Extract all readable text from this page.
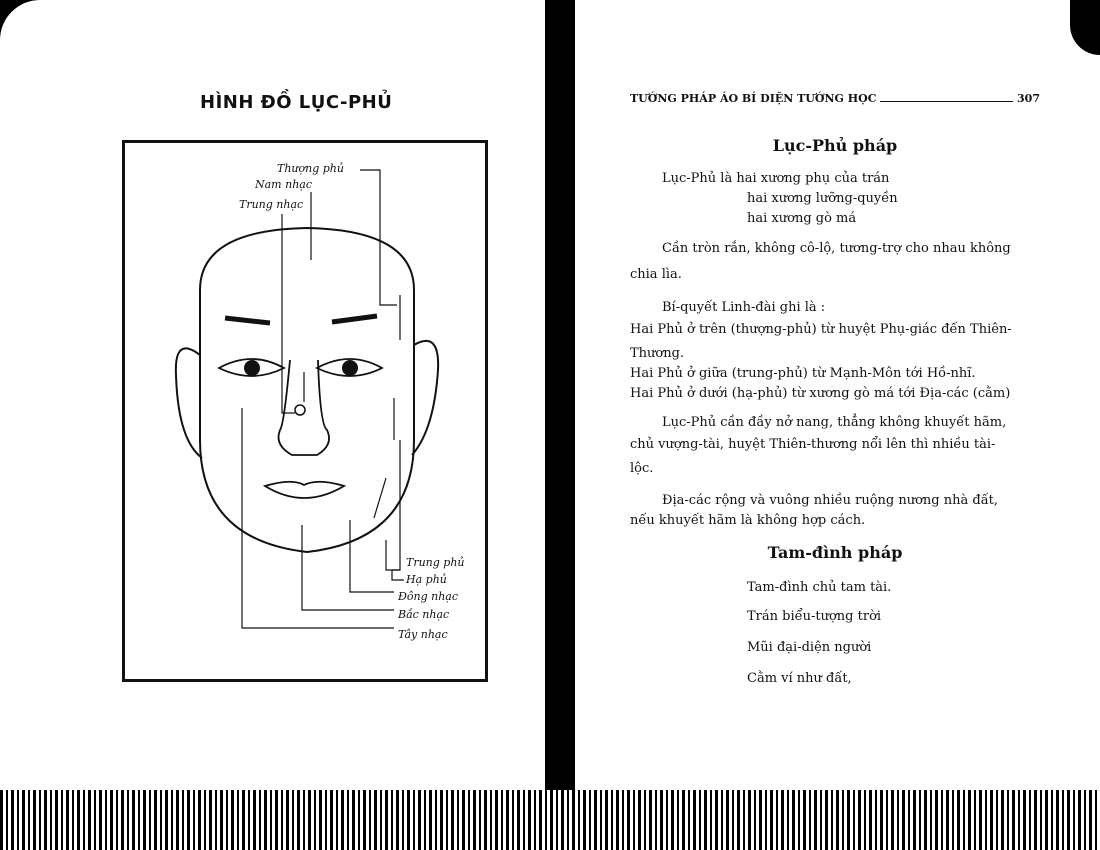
HÌNH ĐỒ LỤC-PHỦ
Thượng phủ
Nam nhạc
Trung nhạc
Trung phủ
Hạ phủ
Đông nhạc
Bắc nhạc
Tây nhạc
TƯỚNG PHÁP ÁO BÍ DIỆN TƯỚNG HỌC	307
Lục-Phủ pháp
Lục-Phủ là hai xương phụ của trán
hai xương lưỡng-quyền
hai xương gò má
Cần tròn rắn, không cô-lộ, tương-trợ cho nhau không
chia lìa.
Bí-quyết Linh-đài ghi là :
Hai Phủ ở trên (thượng-phủ) từ huyệt Phụ-giác đến Thiên-
Thương.
Hai Phủ ở giữa (trung-phủ) từ Mạnh-Môn tới Hồ-nhĩ.
Hai Phủ ở dưới (hạ-phủ) từ xương gò má tới Địa-các (cằm)
Lục-Phủ cần đầy nở nang, thẳng không khuyết hãm,
chủ vượng-tài, huyệt Thiên-thương nổi lên thì nhiều tài-
lộc.
Địa-các rộng và vuông nhiều ruộng nương nhà đất,
nếu khuyết hãm là không hợp cách.
Tam-đình pháp
Tam-đình chủ tam tài.
Trán biểu-tượng trời
Mũi đại-diện người
Cằm ví như đất,
